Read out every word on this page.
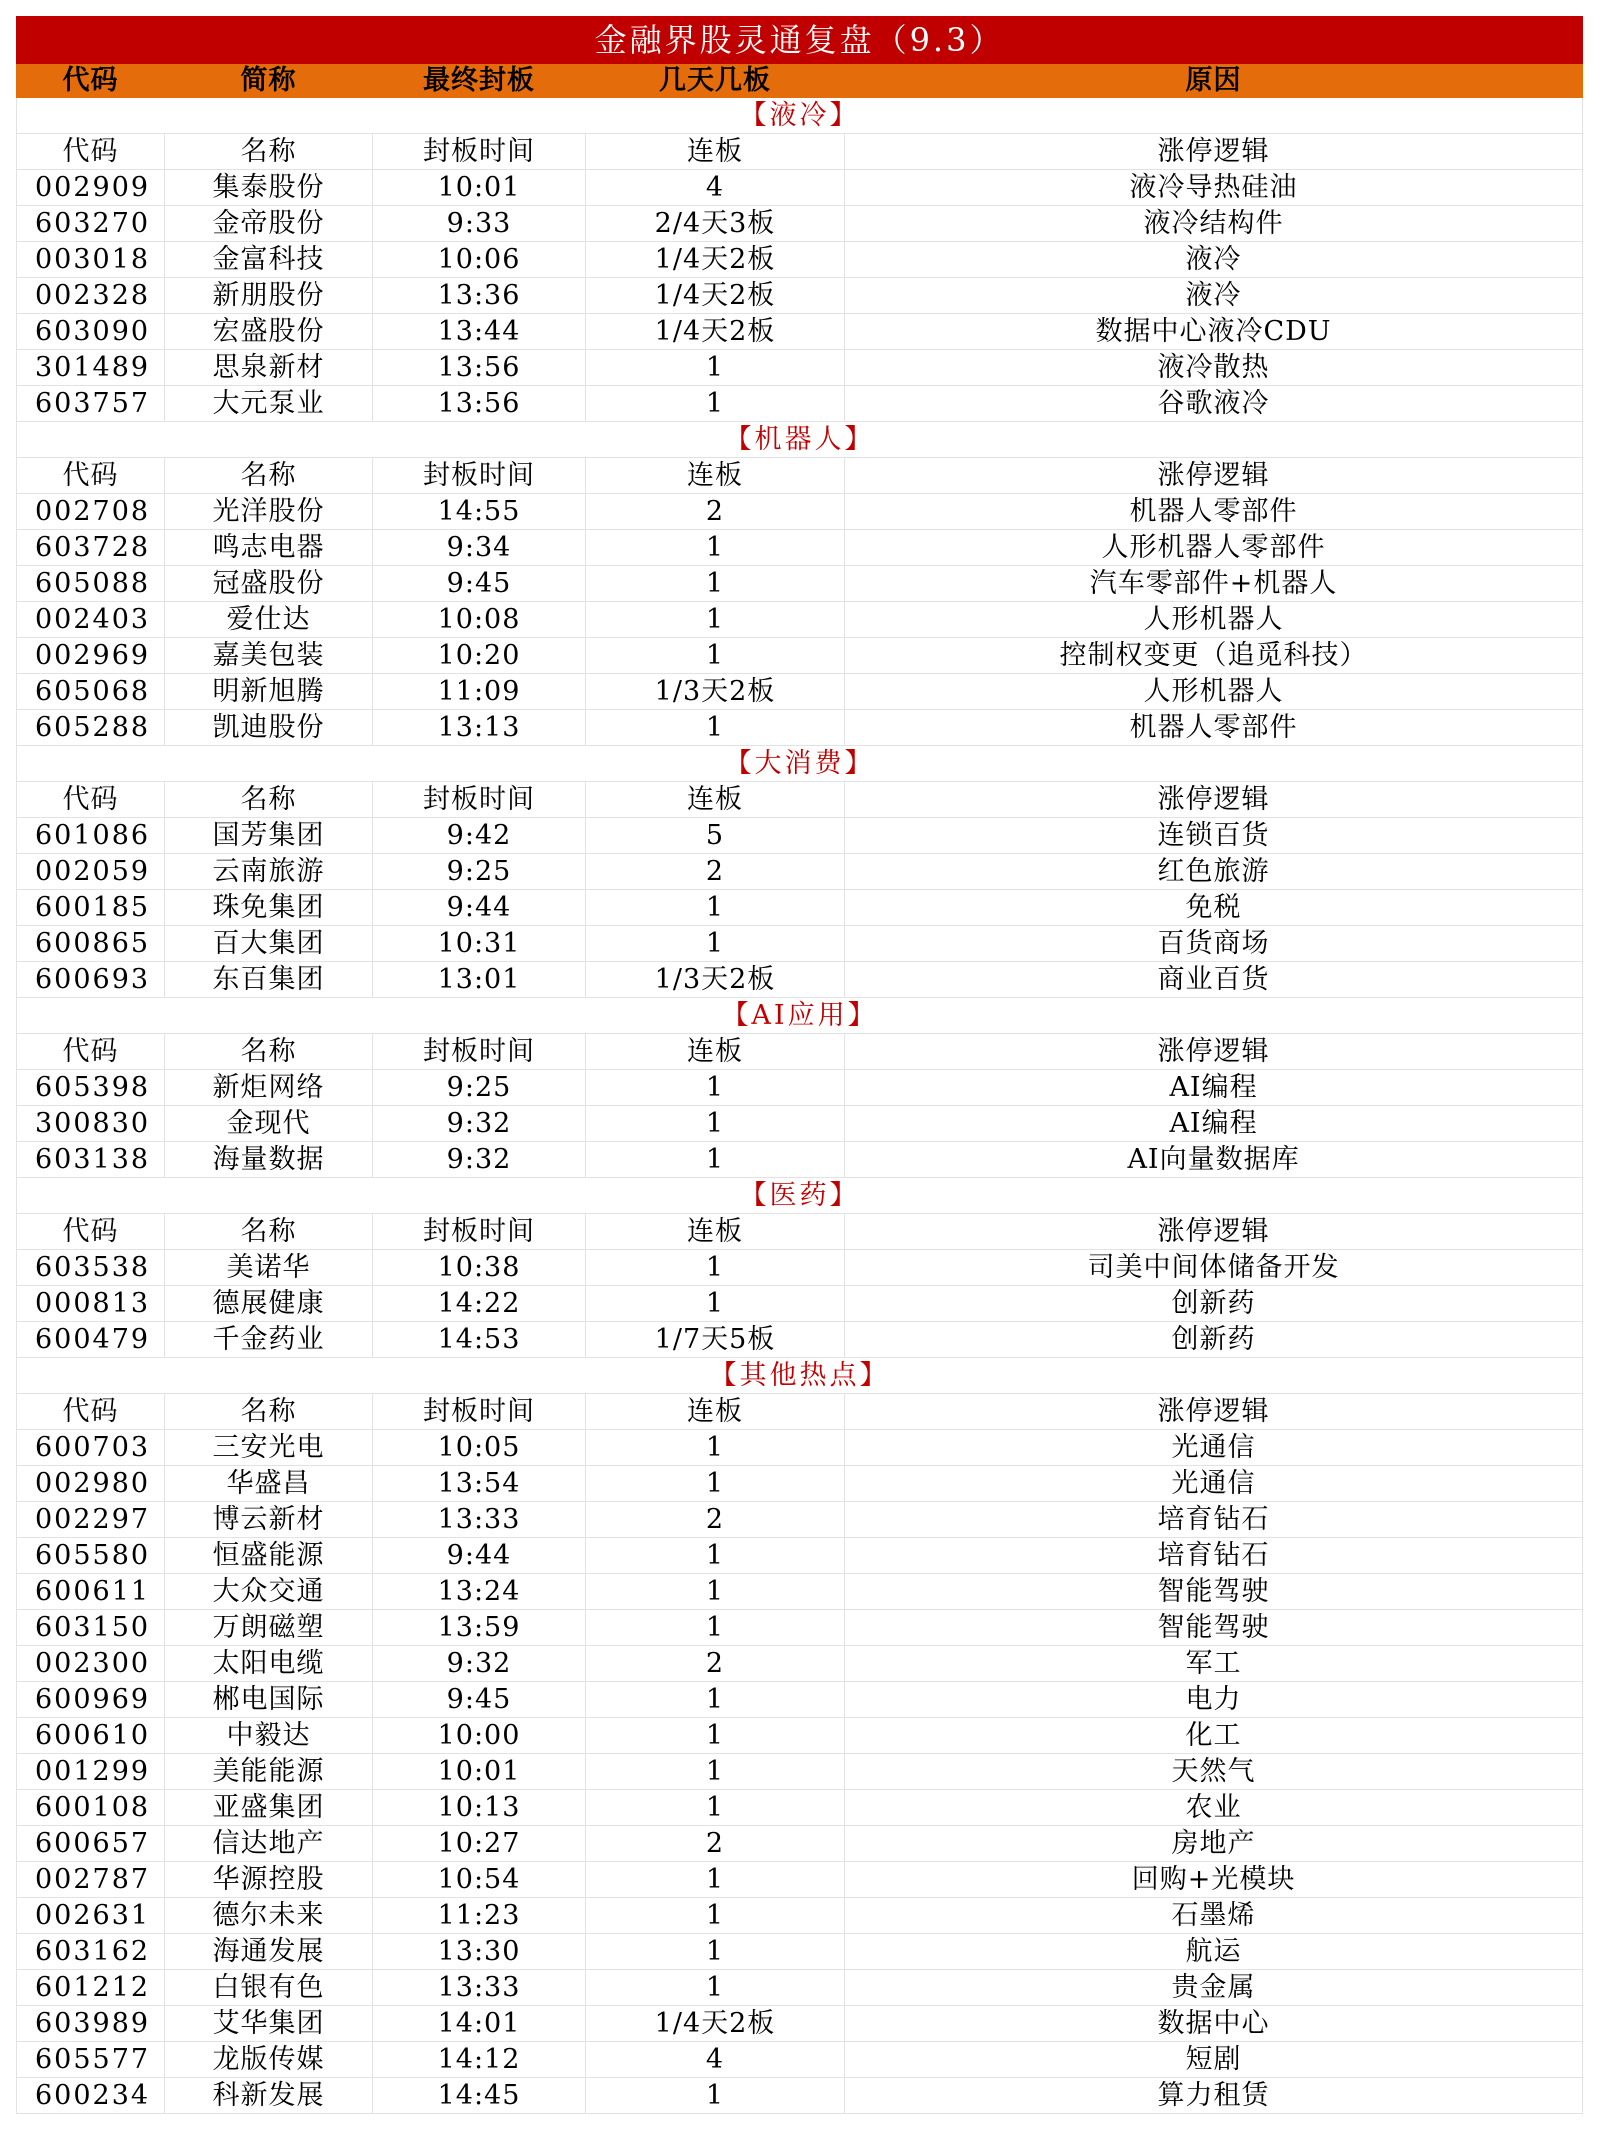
金融界股灵通复盘（9.3）				
代码	简称	最终封板	几天几板	原因
【液冷】				
代码	名称	封板时间	连板	涨停逻辑
002909	集泰股份	10:01	4	液冷导热硅油
603270	金帝股份	9:33	2/4天3板	液冷结构件
003018	金富科技	10:06	1/4天2板	液冷
002328	新朋股份	13:36	1/4天2板	液冷
603090	宏盛股份	13:44	1/4天2板	数据中心液冷CDU
301489	思泉新材	13:56	1	液冷散热
603757	大元泵业	13:56	1	谷歌液冷
【机器人】				
代码	名称	封板时间	连板	涨停逻辑
002708	光洋股份	14:55	2	机器人零部件
603728	鸣志电器	9:34	1	人形机器人零部件
605088	冠盛股份	9:45	1	汽车零部件+机器人
002403	爱仕达	10:08	1	人形机器人
002969	嘉美包装	10:20	1	控制权变更（追觅科技）
605068	明新旭腾	11:09	1/3天2板	人形机器人
605288	凯迪股份	13:13	1	机器人零部件
【大消费】				
代码	名称	封板时间	连板	涨停逻辑
601086	国芳集团	9:42	5	连锁百货
002059	云南旅游	9:25	2	红色旅游
600185	珠免集团	9:44	1	免税
600865	百大集团	10:31	1	百货商场
600693	东百集团	13:01	1/3天2板	商业百货
【AI应用】				
代码	名称	封板时间	连板	涨停逻辑
605398	新炬网络	9:25	1	AI编程
300830	金现代	9:32	1	AI编程
603138	海量数据	9:32	1	AI向量数据库
【医药】				
代码	名称	封板时间	连板	涨停逻辑
603538	美诺华	10:38	1	司美中间体储备开发
000813	德展健康	14:22	1	创新药
600479	千金药业	14:53	1/7天5板	创新药
【其他热点】				
代码	名称	封板时间	连板	涨停逻辑
600703	三安光电	10:05	1	光通信
002980	华盛昌	13:54	1	光通信
002297	博云新材	13:33	2	培育钻石
605580	恒盛能源	9:44	1	培育钻石
600611	大众交通	13:24	1	智能驾驶
603150	万朗磁塑	13:59	1	智能驾驶
002300	太阳电缆	9:32	2	军工
600969	郴电国际	9:45	1	电力
600610	中毅达	10:00	1	化工
001299	美能能源	10:01	1	天然气
600108	亚盛集团	10:13	1	农业
600657	信达地产	10:27	2	房地产
002787	华源控股	10:54	1	回购+光模块
002631	德尔未来	11:23	1	石墨烯
603162	海通发展	13:30	1	航运
601212	白银有色	13:33	1	贵金属
603989	艾华集团	14:01	1/4天2板	数据中心
605577	龙版传媒	14:12	4	短剧
600234	科新发展	14:45	1	算力租赁
